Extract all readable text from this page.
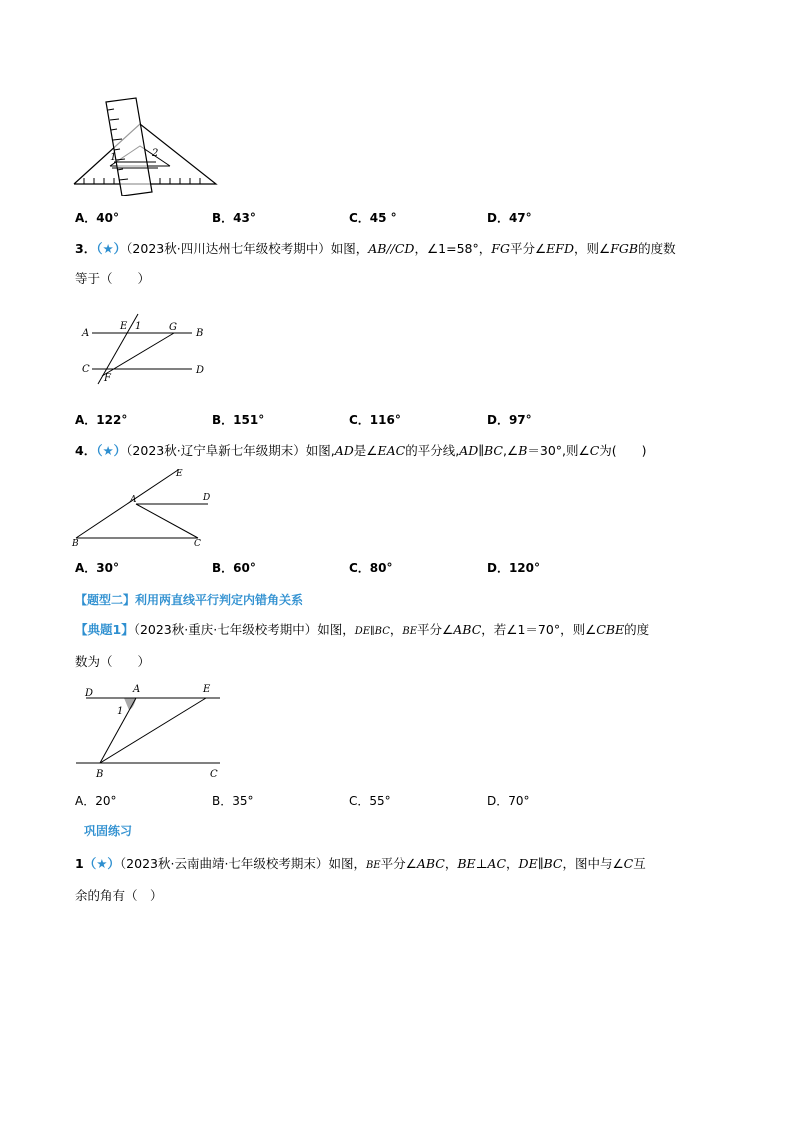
1	2
A．40°	B．43°	C．45 °	D．47°
3．（★）（2023秋·四川达州七年级校考期中）如图，AB//CD，∠1=58°，FG平分∠EFD，则∠FGB的度数
等于（　　）
A
E 1	G
B
C
F
D
A．122°	B．151°	C．116°	D．97°
4．（★）（2023秋·辽宁阜新七年级期末）如图,AD是∠EAC的平分线,AD∥BC,∠B＝30°,则∠C为(　　)
E
A	D
B	C
A．30°	B．60°	C．80°	D．120°
【题型二】利用两直线平行判定内错角关系
【典题1】（2023秋·重庆·七年级校考期中）如图，DE∥BC，BE平分∠ABC，若∠1＝70°，则∠CBE的度
数为（　　）
D	A	E
1
B	C
A．20°	B．35°	C．55°	D．70°
巩固练习
1（★）（2023秋·云南曲靖·七年级校考期末）如图，BE平分∠ABC，BE⊥AC，DE∥BC，图中与∠C互
余的角有（　）
